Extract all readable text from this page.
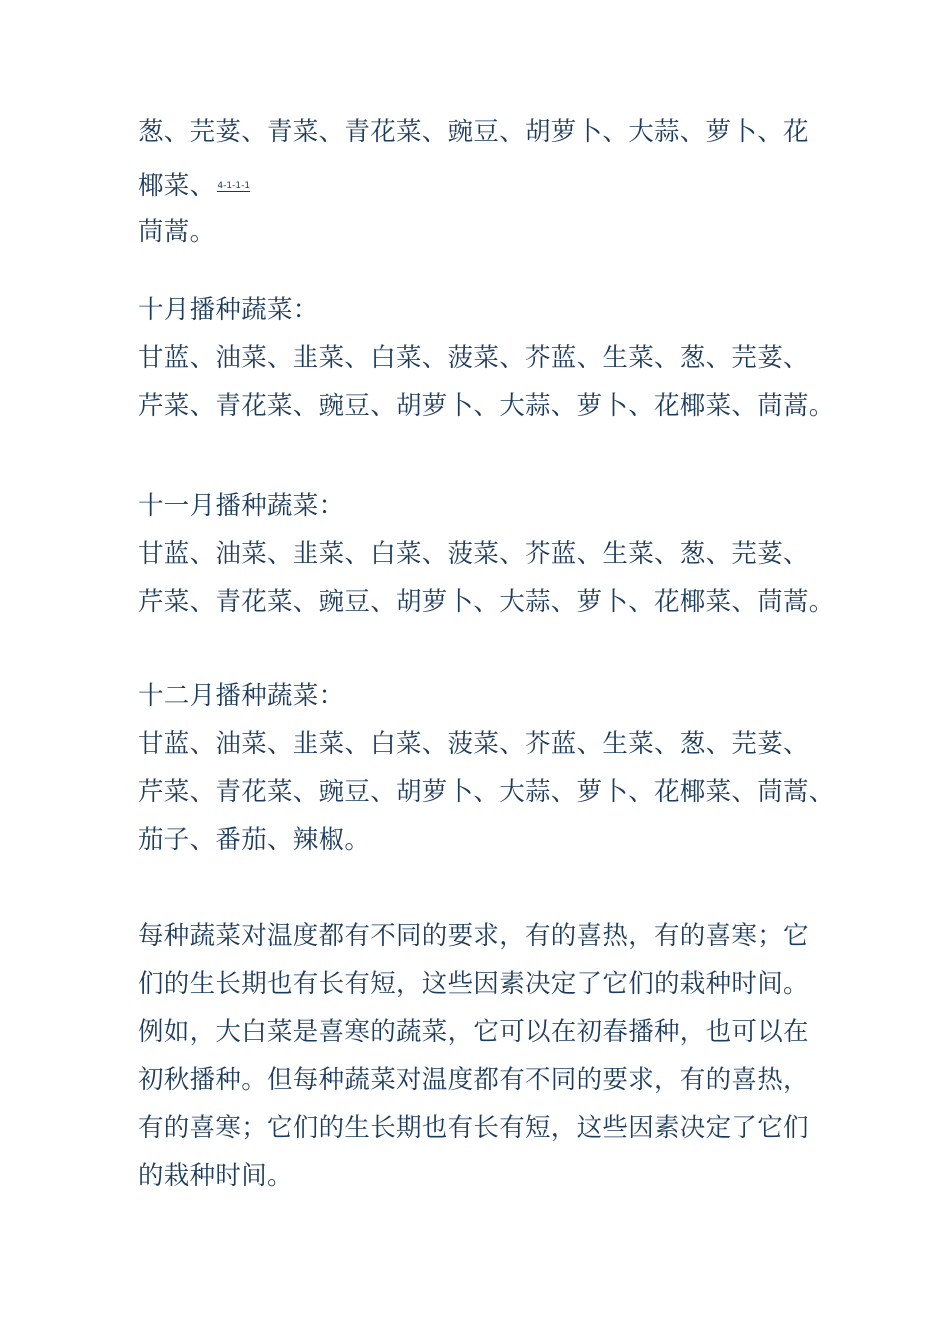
葱、芫荽、青菜、青花菜、豌豆、胡萝卜、大蒜、萝卜、花
椰菜、 4-1-1-1
茼蒿。
十月播种蔬菜：
甘蓝、油菜、韭菜、白菜、菠菜、芥蓝、生菜、葱、芫荽、
芹菜、青花菜、豌豆、胡萝卜、大蒜、萝卜、花椰菜、茼蒿。
十一月播种蔬菜：
甘蓝、油菜、韭菜、白菜、菠菜、芥蓝、生菜、葱、芫荽、
芹菜、青花菜、豌豆、胡萝卜、大蒜、萝卜、花椰菜、茼蒿。
十二月播种蔬菜：
甘蓝、油菜、韭菜、白菜、菠菜、芥蓝、生菜、葱、芫荽、
芹菜、青花菜、豌豆、胡萝卜、大蒜、萝卜、花椰菜、茼蒿、
茄子、番茄、辣椒。
每种蔬菜对温度都有不同的要求，有的喜热，有的喜寒；它
们的生长期也有长有短，这些因素决定了它们的栽种时间。
例如，大白菜是喜寒的蔬菜，它可以在初春播种，也可以在
初秋播种。但每种蔬菜对温度都有不同的要求，有的喜热，
有的喜寒；它们的生长期也有长有短，这些因素决定了它们
的栽种时间。
